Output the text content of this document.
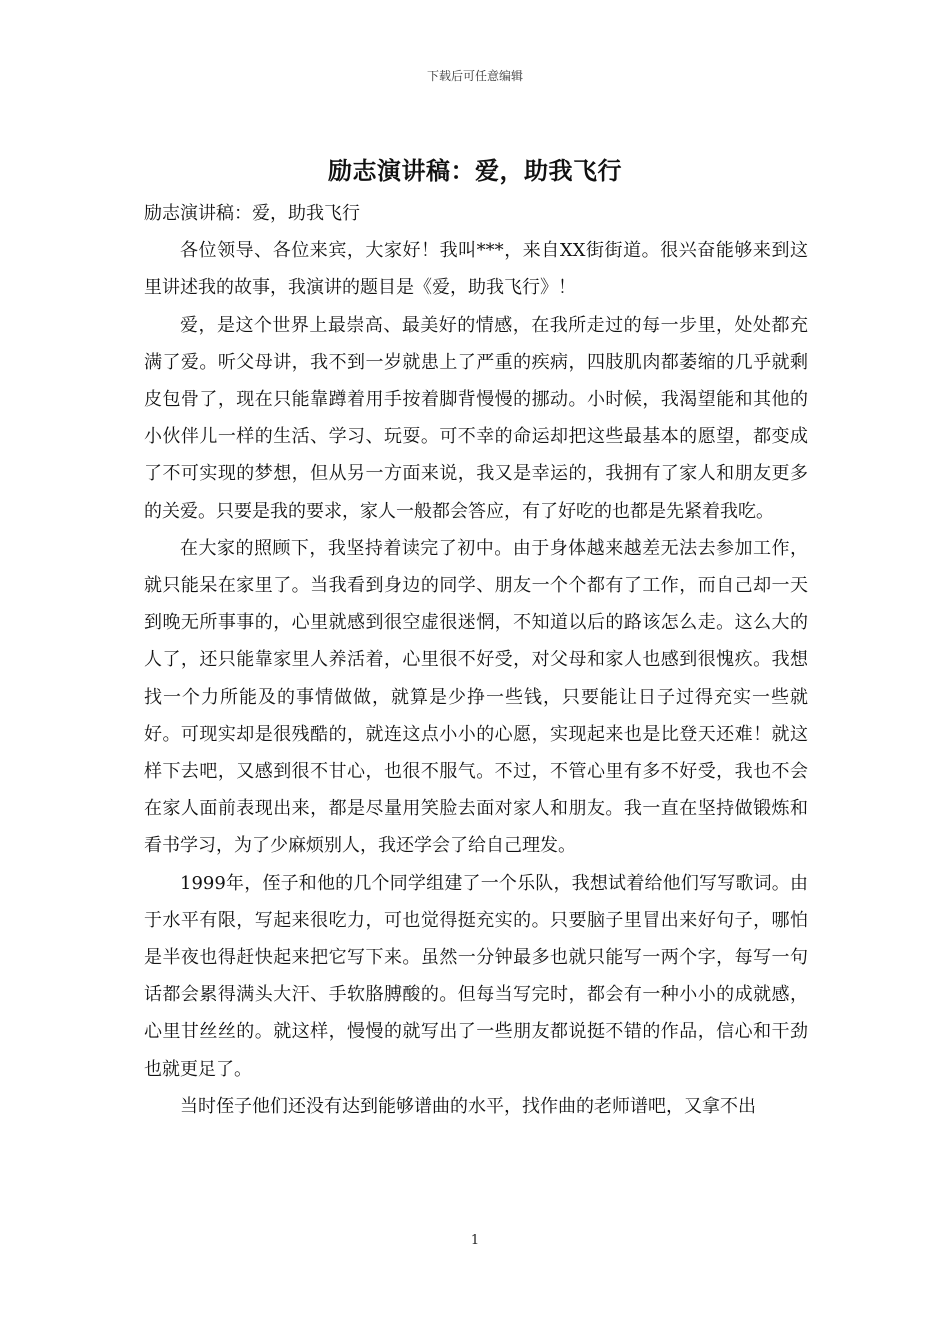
下载后可任意编辑
励志演讲稿：爱，助我飞行

励志演讲稿：爱，助我飞行

各位领导、各位来宾，大家好！我叫***，来自XX街街道。很兴奋能够来到这里讲述我的故事，我演讲的题目是《爱，助我飞行》！

爱，是这个世界上最崇高、最美好的情感，在我所走过的每一步里，处处都充满了爱。听父母讲，我不到一岁就患上了严重的疾病，四肢肌肉都萎缩的几乎就剩皮包骨了，现在只能靠蹲着用手按着脚背慢慢的挪动。小时候，我渴望能和其他的小伙伴儿一样的生活、学习、玩耍。可不幸的命运却把这些最基本的愿望，都变成了不可实现的梦想，但从另一方面来说，我又是幸运的，我拥有了家人和朋友更多的关爱。只要是我的要求，家人一般都会答应，有了好吃的也都是先紧着我吃。

在大家的照顾下，我坚持着读完了初中。由于身体越来越差无法去参加工作，就只能呆在家里了。当我看到身边的同学、朋友一个个都有了工作，而自己却一天到晚无所事事的，心里就感到很空虚很迷惘，不知道以后的路该怎么走。这么大的人了，还只能靠家里人养活着，心里很不好受，对父母和家人也感到很愧疚。我想找一个力所能及的事情做做，就算是少挣一些钱，只要能让日子过得充实一些就好。可现实却是很残酷的，就连这点小小的心愿，实现起来也是比登天还难！就这样下去吧，又感到很不甘心，也很不服气。不过，不管心里有多不好受，我也不会在家人面前表现出来，都是尽量用笑脸去面对家人和朋友。我一直在坚持做锻炼和看书学习，为了少麻烦别人，我还学会了给自己理发。

1999年，侄子和他的几个同学组建了一个乐队，我想试着给他们写写歌词。由于水平有限，写起来很吃力，可也觉得挺充实的。只要脑子里冒出来好句子，哪怕是半夜也得赶快起来把它写下来。虽然一分钟最多也就只能写一两个字，每写一句话都会累得满头大汗、手软胳膊酸的。但每当写完时，都会有一种小小的成就感，心里甘丝丝的。就这样，慢慢的就写出了一些朋友都说挺不错的作品，信心和干劲也就更足了。

当时侄子他们还没有达到能够谱曲的水平，找作曲的老师谱吧，又拿不出

1
